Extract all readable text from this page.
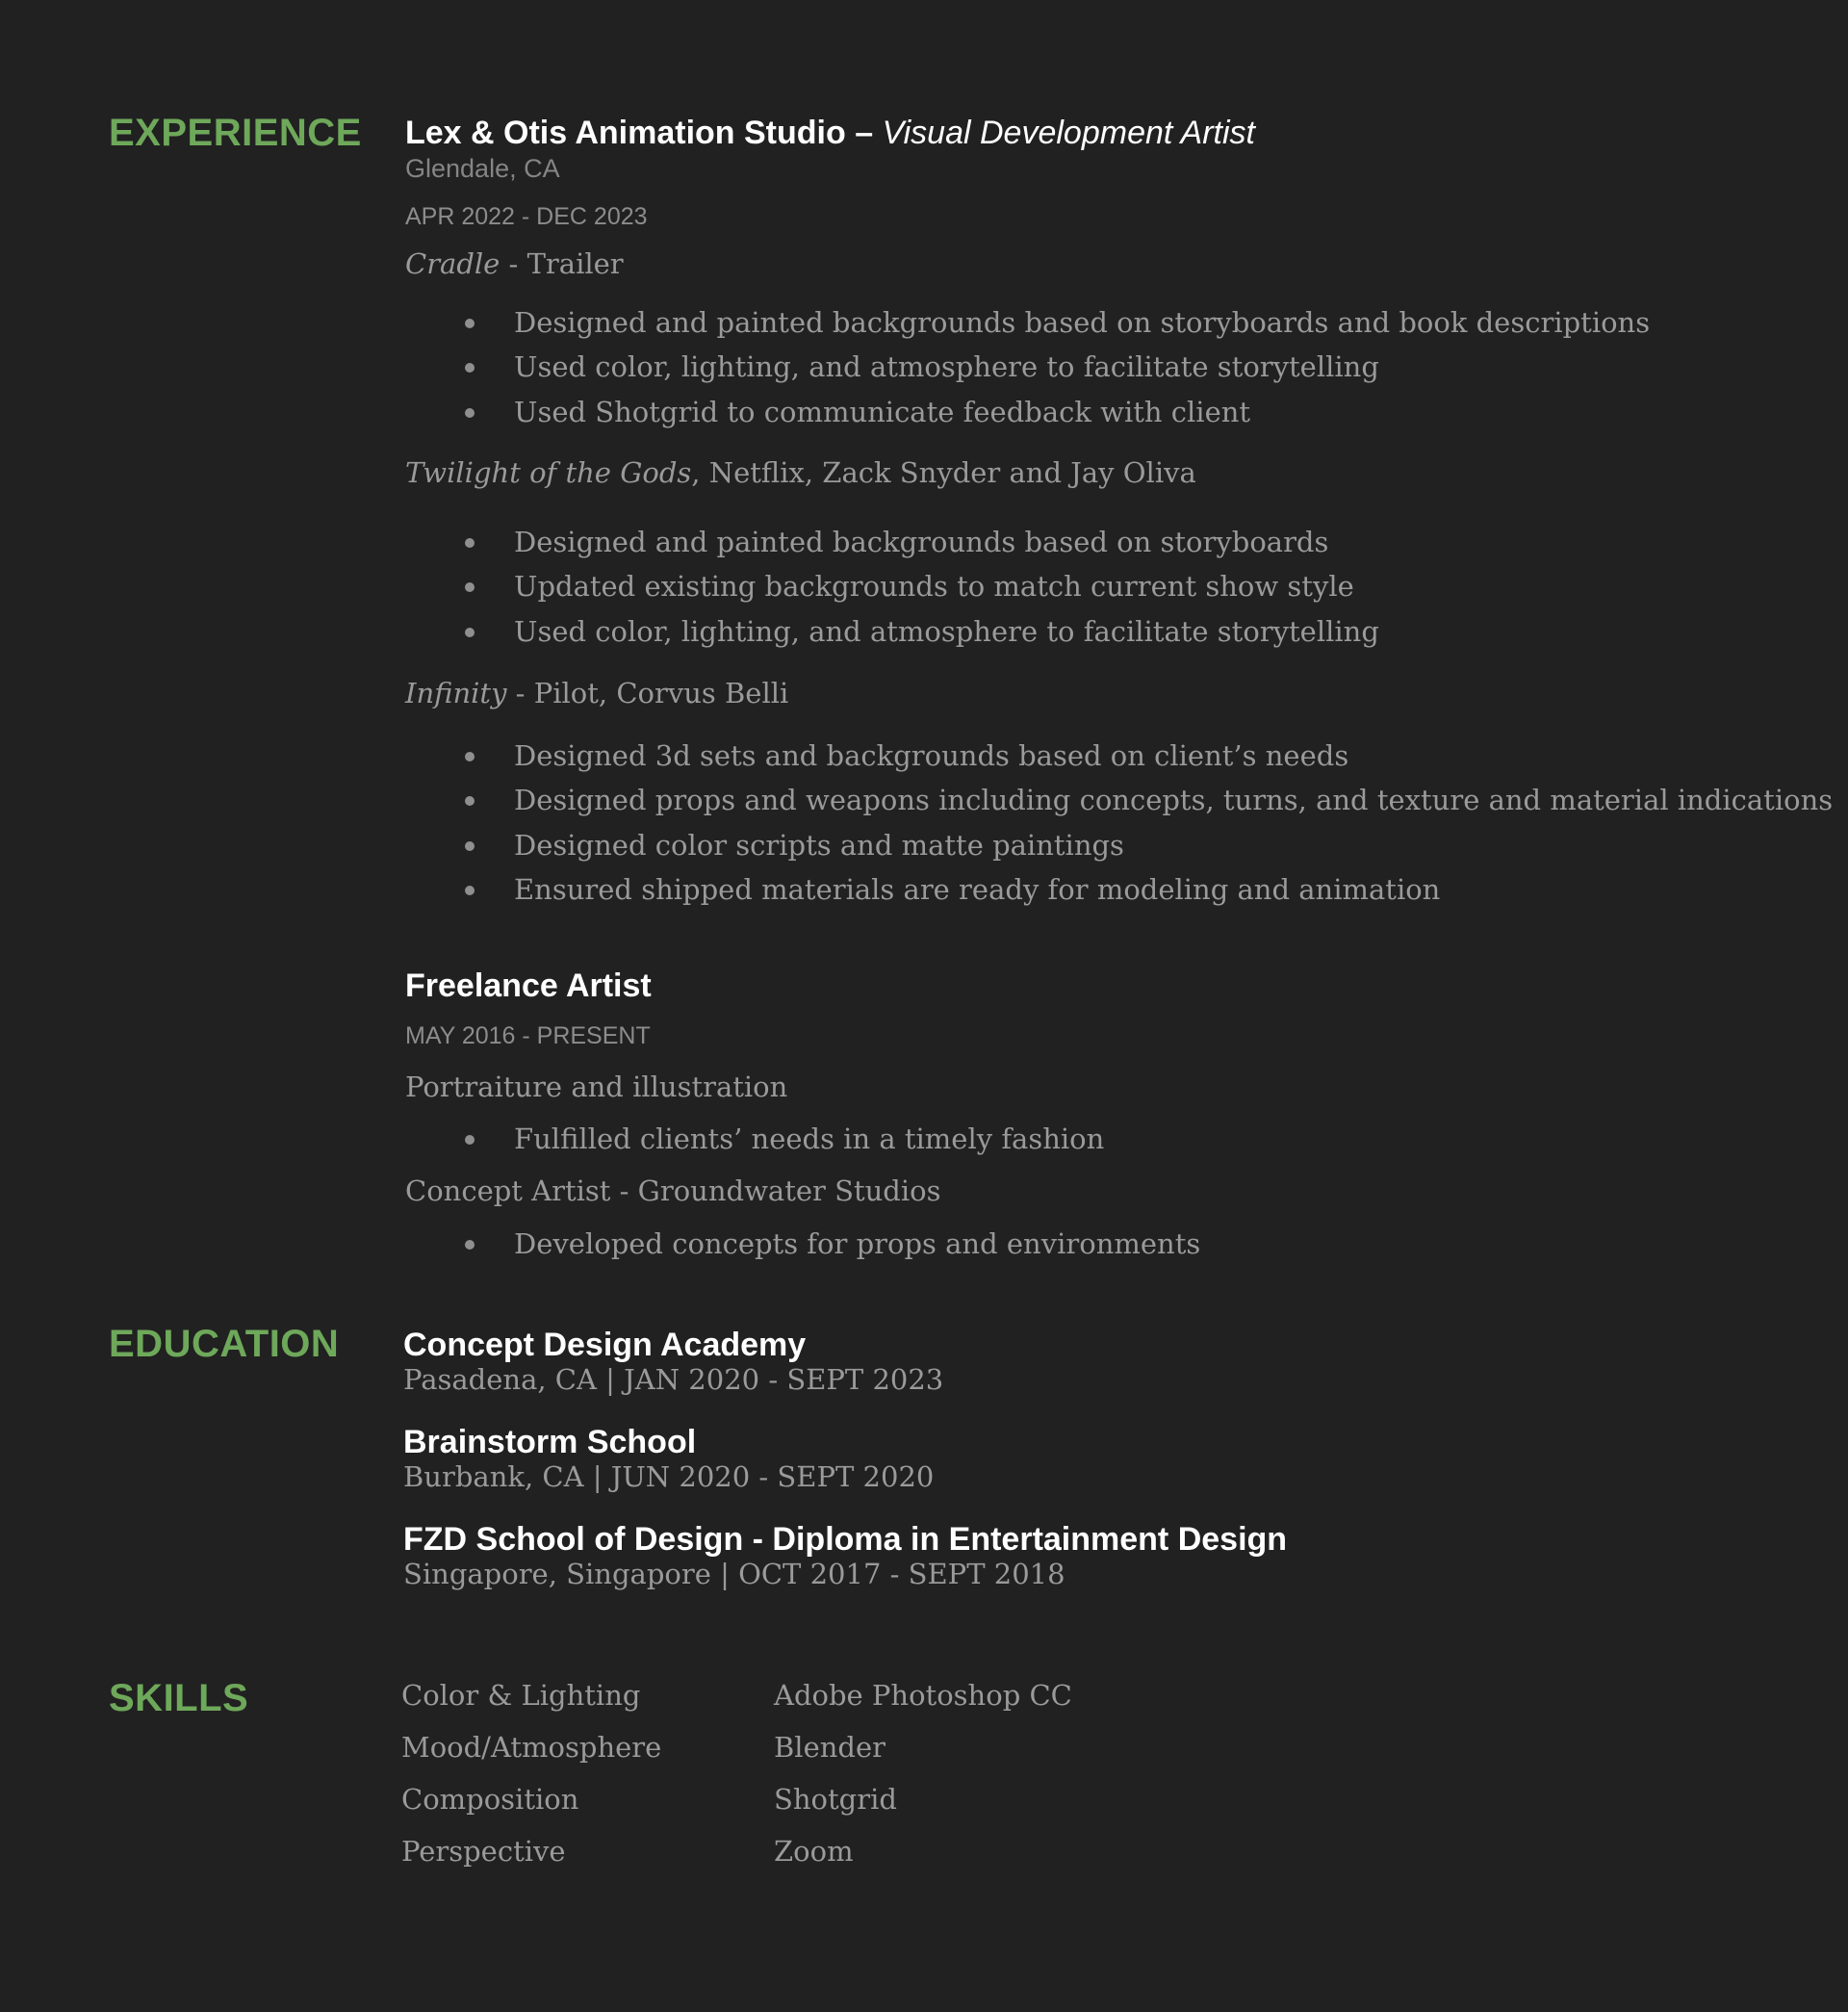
EXPERIENCE Lex & Otis Animation Studio – Visual Development Artist

Glendale, CA

APR 2022 - DEC 2023

Cradle - Trailer

Designed and painted backgrounds based on storyboards and book descriptions
Used color, lighting, and atmosphere to facilitate storytelling
Used Shotgrid to communicate feedback with client

Twilight of the Gods, Netflix, Zack Snyder and Jay Oliva

Designed and painted backgrounds based on storyboards
Updated existing backgrounds to match current show style
Used color, lighting, and atmosphere to facilitate storytelling

Infinity - Pilot, Corvus Belli

Designed 3d sets and backgrounds based on client’s needs
Designed props and weapons including concepts, turns, and texture and material indications
Designed color scripts and matte paintings
Ensured shipped materials are ready for modeling and animation
Freelance Artist

MAY 2016 - PRESENT

Portraiture and illustration

Fulfilled clients’ needs in a timely fashion

Concept Artist - Groundwater Studios

Developed concepts for props and environments
EDUCATION Concept Design Academy

Pasadena, CA | JAN 2020 - SEPT 2023

Brainstorm School

Burbank, CA | JUN 2020 - SEPT 2020

FZD School of Design - Diploma in Entertainment Design

Singapore, Singapore | OCT 2017 - SEPT 2018

SKILLS	Color & Lighting

Mood/Atmosphere

Composition

Perspective

Adobe Photoshop CC

Blender

Shotgrid

Zoom
